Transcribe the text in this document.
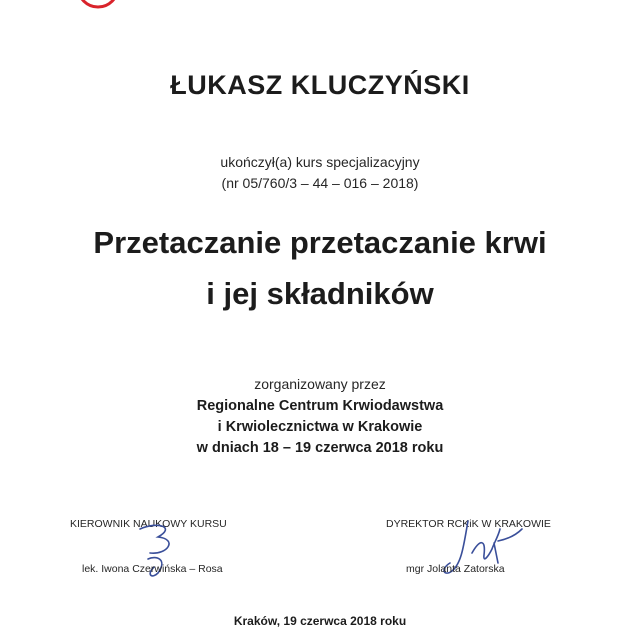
ŁUKASZ KLUCZYŃSKI
ukończył(a) kurs specjalizacyjny
(nr 05/760/3 – 44 – 016 – 2018)
Przetaczanie przetaczanie krwi
i jej składników
zorganizowany przez
Regionalne Centrum Krwiodawstwa
i Krwiolecznictwa w Krakowie
w dniach 18 – 19 czerwca 2018 roku
KIEROWNIK NAUKOWY KURSU
lek. Iwona Czerwińska – Rosa
DYREKTOR RCKiK W KRAKOWIE
mgr Jolanta Zatorska
Kraków, 19 czerwca 2018 roku
